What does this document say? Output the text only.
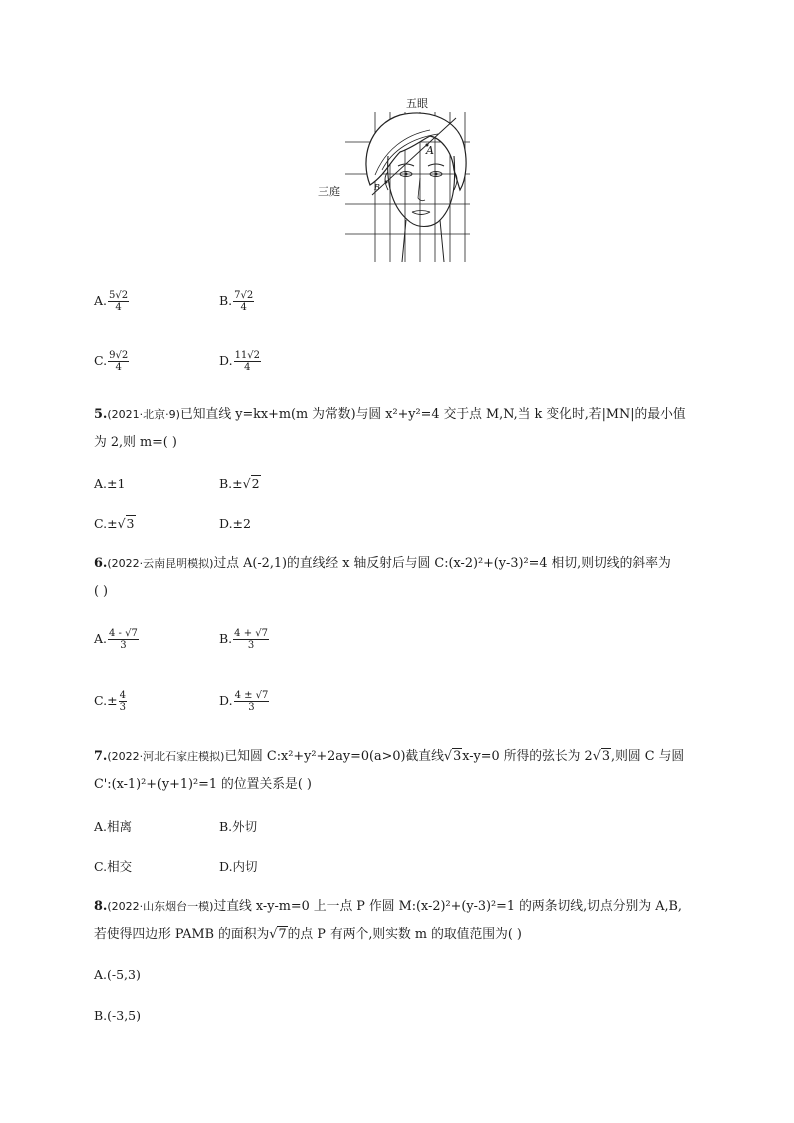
五眼
三庭
A
B
A. $\frac{5√2}{4}$	B. $\frac{7√2}{4}$
C. $\frac{9√2}{4}$	D. $\frac{11√2}{4}$
5.(2021·北京·9)已知直线 y=kx+m(m 为常数)与圆 x²+y²=4 交于点 M,N,当 k 变化时,若|MN|的最小值
为 2,则 m=( )
A.±1	B.±√2
C.±√3	D.±2
6.(2022·云南昆明模拟)过点 A(-2,1)的直线经 x 轴反射后与圆 C:(x-2)²+(y-3)²=4 相切,则切线的斜率为
( )
A. $\frac{4 - √7}{3}$	B. $\frac{4 + √7}{3}$
$C.\pm \frac{4}{3}$	D. $\frac{4 \pm √7}{3}$
7.(2022·河北石家庄模拟)已知圆 C:x²+y²+2ay=0(a>0)截直线√3x-y=0 所得的弦长为 2√3,则圆 C 与圆
C':(x-1)²+(y+1)²=1 的位置关系是( )
A.相离	B.外切
C.相交	D.内切
8.(2022·山东烟台一模)过直线 x-y-m=0 上一点 P 作圆 M:(x-2)²+(y-3)²=1 的两条切线,切点分别为 A,B,
若使得四边形 PAMB 的面积为√7的点 P 有两个,则实数 m 的取值范围为( )
A.(-5,3)
B.(-3,5)
